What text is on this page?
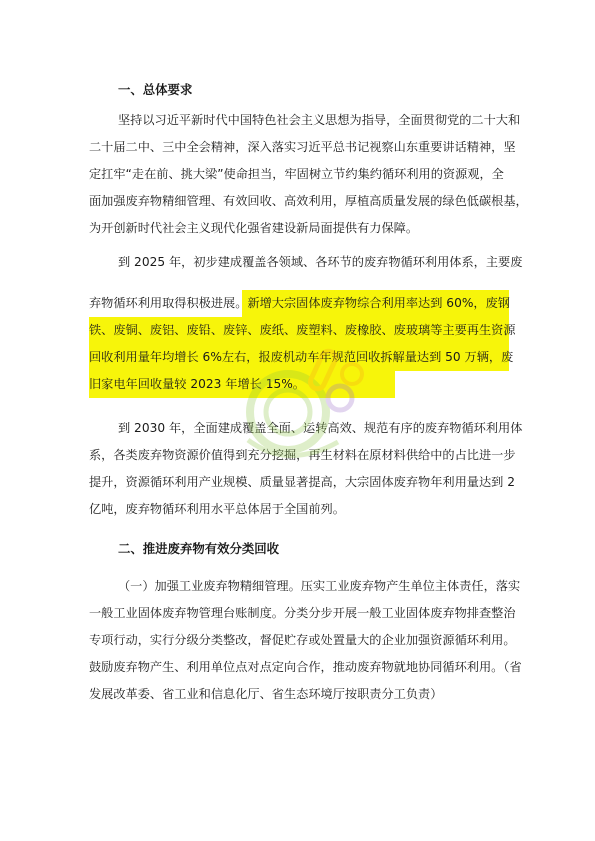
一、总体要求
坚持以习近平新时代中国特色社会主义思想为指导，全面贯彻党的二十大和
二十届二中、三中全会精神，深入落实习近平总书记视察山东重要讲话精神，坚
定扛牢“走在前、挑大梁”使命担当，牢固树立节约集约循环利用的资源观，全
面加强废弃物精细管理、有效回收、高效利用，厚植高质量发展的绿色低碳根基，
为开创新时代社会主义现代化强省建设新局面提供有力保障。
到 2025 年，初步建成覆盖各领域、各环节的废弃物循环利用体系，主要废
弃物循环利用取得积极进展。新增大宗固体废弃物综合利用率达到 60%，废钢
铁、废铜、废铝、废铅、废锌、废纸、废塑料、废橡胶、废玻璃等主要再生资源
回收利用量年均增长 6%左右，报废机动车年规范回收拆解量达到 50 万辆，废
旧家电年回收量较 2023 年增长 15%。
到 2030 年，全面建成覆盖全面、运转高效、规范有序的废弃物循环利用体
系，各类废弃物资源价值得到充分挖掘，再生材料在原材料供给中的占比进一步
提升，资源循环利用产业规模、质量显著提高，大宗固体废弃物年利用量达到 2
亿吨，废弃物循环利用水平总体居于全国前列。
二、推进废弃物有效分类回收
（一）加强工业废弃物精细管理。压实工业废弃物产生单位主体责任，落实
一般工业固体废弃物管理台账制度。分类分步开展一般工业固体废弃物排查整治
专项行动，实行分级分类整改，督促贮存或处置量大的企业加强资源循环利用。
鼓励废弃物产生、利用单位点对点定向合作，推动废弃物就地协同循环利用。（省
发展改革委、省工业和信息化厅、省生态环境厅按职责分工负责）
